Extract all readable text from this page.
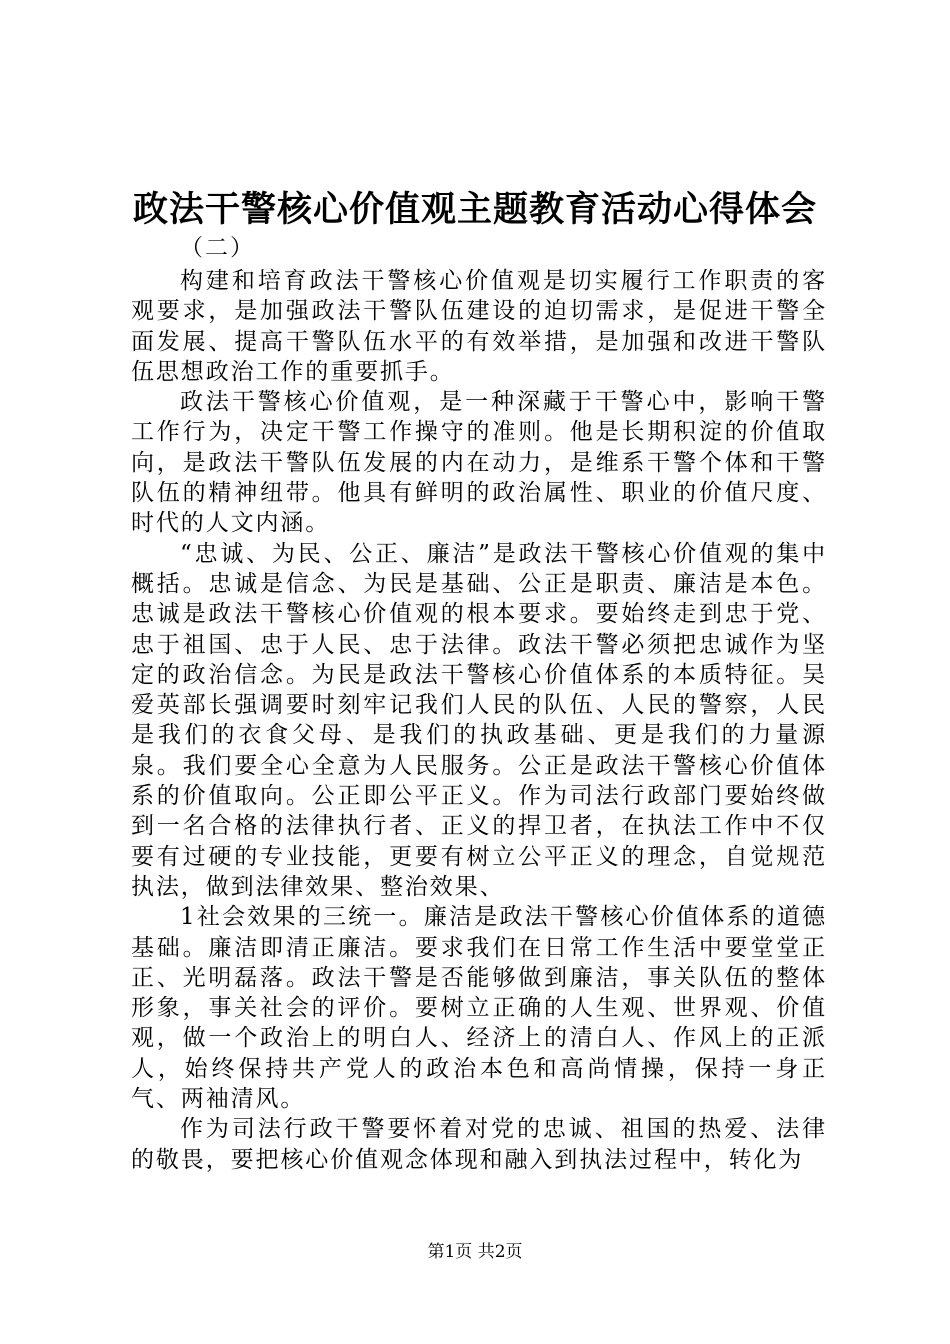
政法干警核心价值观主题教育活动心得体会

（二）

构建和培育政法干警核心价值观是切实履行工作职责的客观要求，是加强政法干警队伍建设的迫切需求，是促进干警全面发展、提高干警队伍水平的有效举措，是加强和改进干警队伍思想政治工作的重要抓手。

政法干警核心价值观，是一种深藏于干警心中，影响干警工作行为，决定干警工作操守的准则。他是长期积淀的价值取向，是政法干警队伍发展的内在动力，是维系干警个体和干警队伍的精神纽带。他具有鲜明的政治属性、职业的价值尺度、时代的人文内涵。

“忠诚、为民、公正、廉洁”是政法干警核心价值观的集中概括。忠诚是信念、为民是基础、公正是职责、廉洁是本色。忠诚是政法干警核心价值观的根本要求。要始终走到忠于党、忠于祖国、忠于人民、忠于法律。政法干警必须把忠诚作为坚定的政治信念。为民是政法干警核心价值体系的本质特征。吴爱英部长强调要时刻牢记我们人民的队伍、人民的警察，人民是我们的衣食父母、是我们的执政基础、更是我们的力量源泉。我们要全心全意为人民服务。公正是政法干警核心价值体系的价值取向。公正即公平正义。作为司法行政部门要始终做到一名合格的法律执行者、正义的捍卫者，在执法工作中不仅要有过硬的专业技能，更要有树立公平正义的理念，自觉规范执法，做到法律效果、整治效果、

1社会效果的三统一。廉洁是政法干警核心价值体系的道德基础。廉洁即清正廉洁。要求我们在日常工作生活中要堂堂正正、光明磊落。政法干警是否能够做到廉洁，事关队伍的整体形象，事关社会的评价。要树立正确的人生观、世界观、价值观，做一个政治上的明白人、经济上的清白人、作风上的正派人，始终保持共产党人的政治本色和高尚情操，保持一身正气、两袖清风。

作为司法行政干警要怀着对党的忠诚、祖国的热爱、法律的敬畏，要把核心价值观念体现和融入到执法过程中，转化为

第1页 共2页
